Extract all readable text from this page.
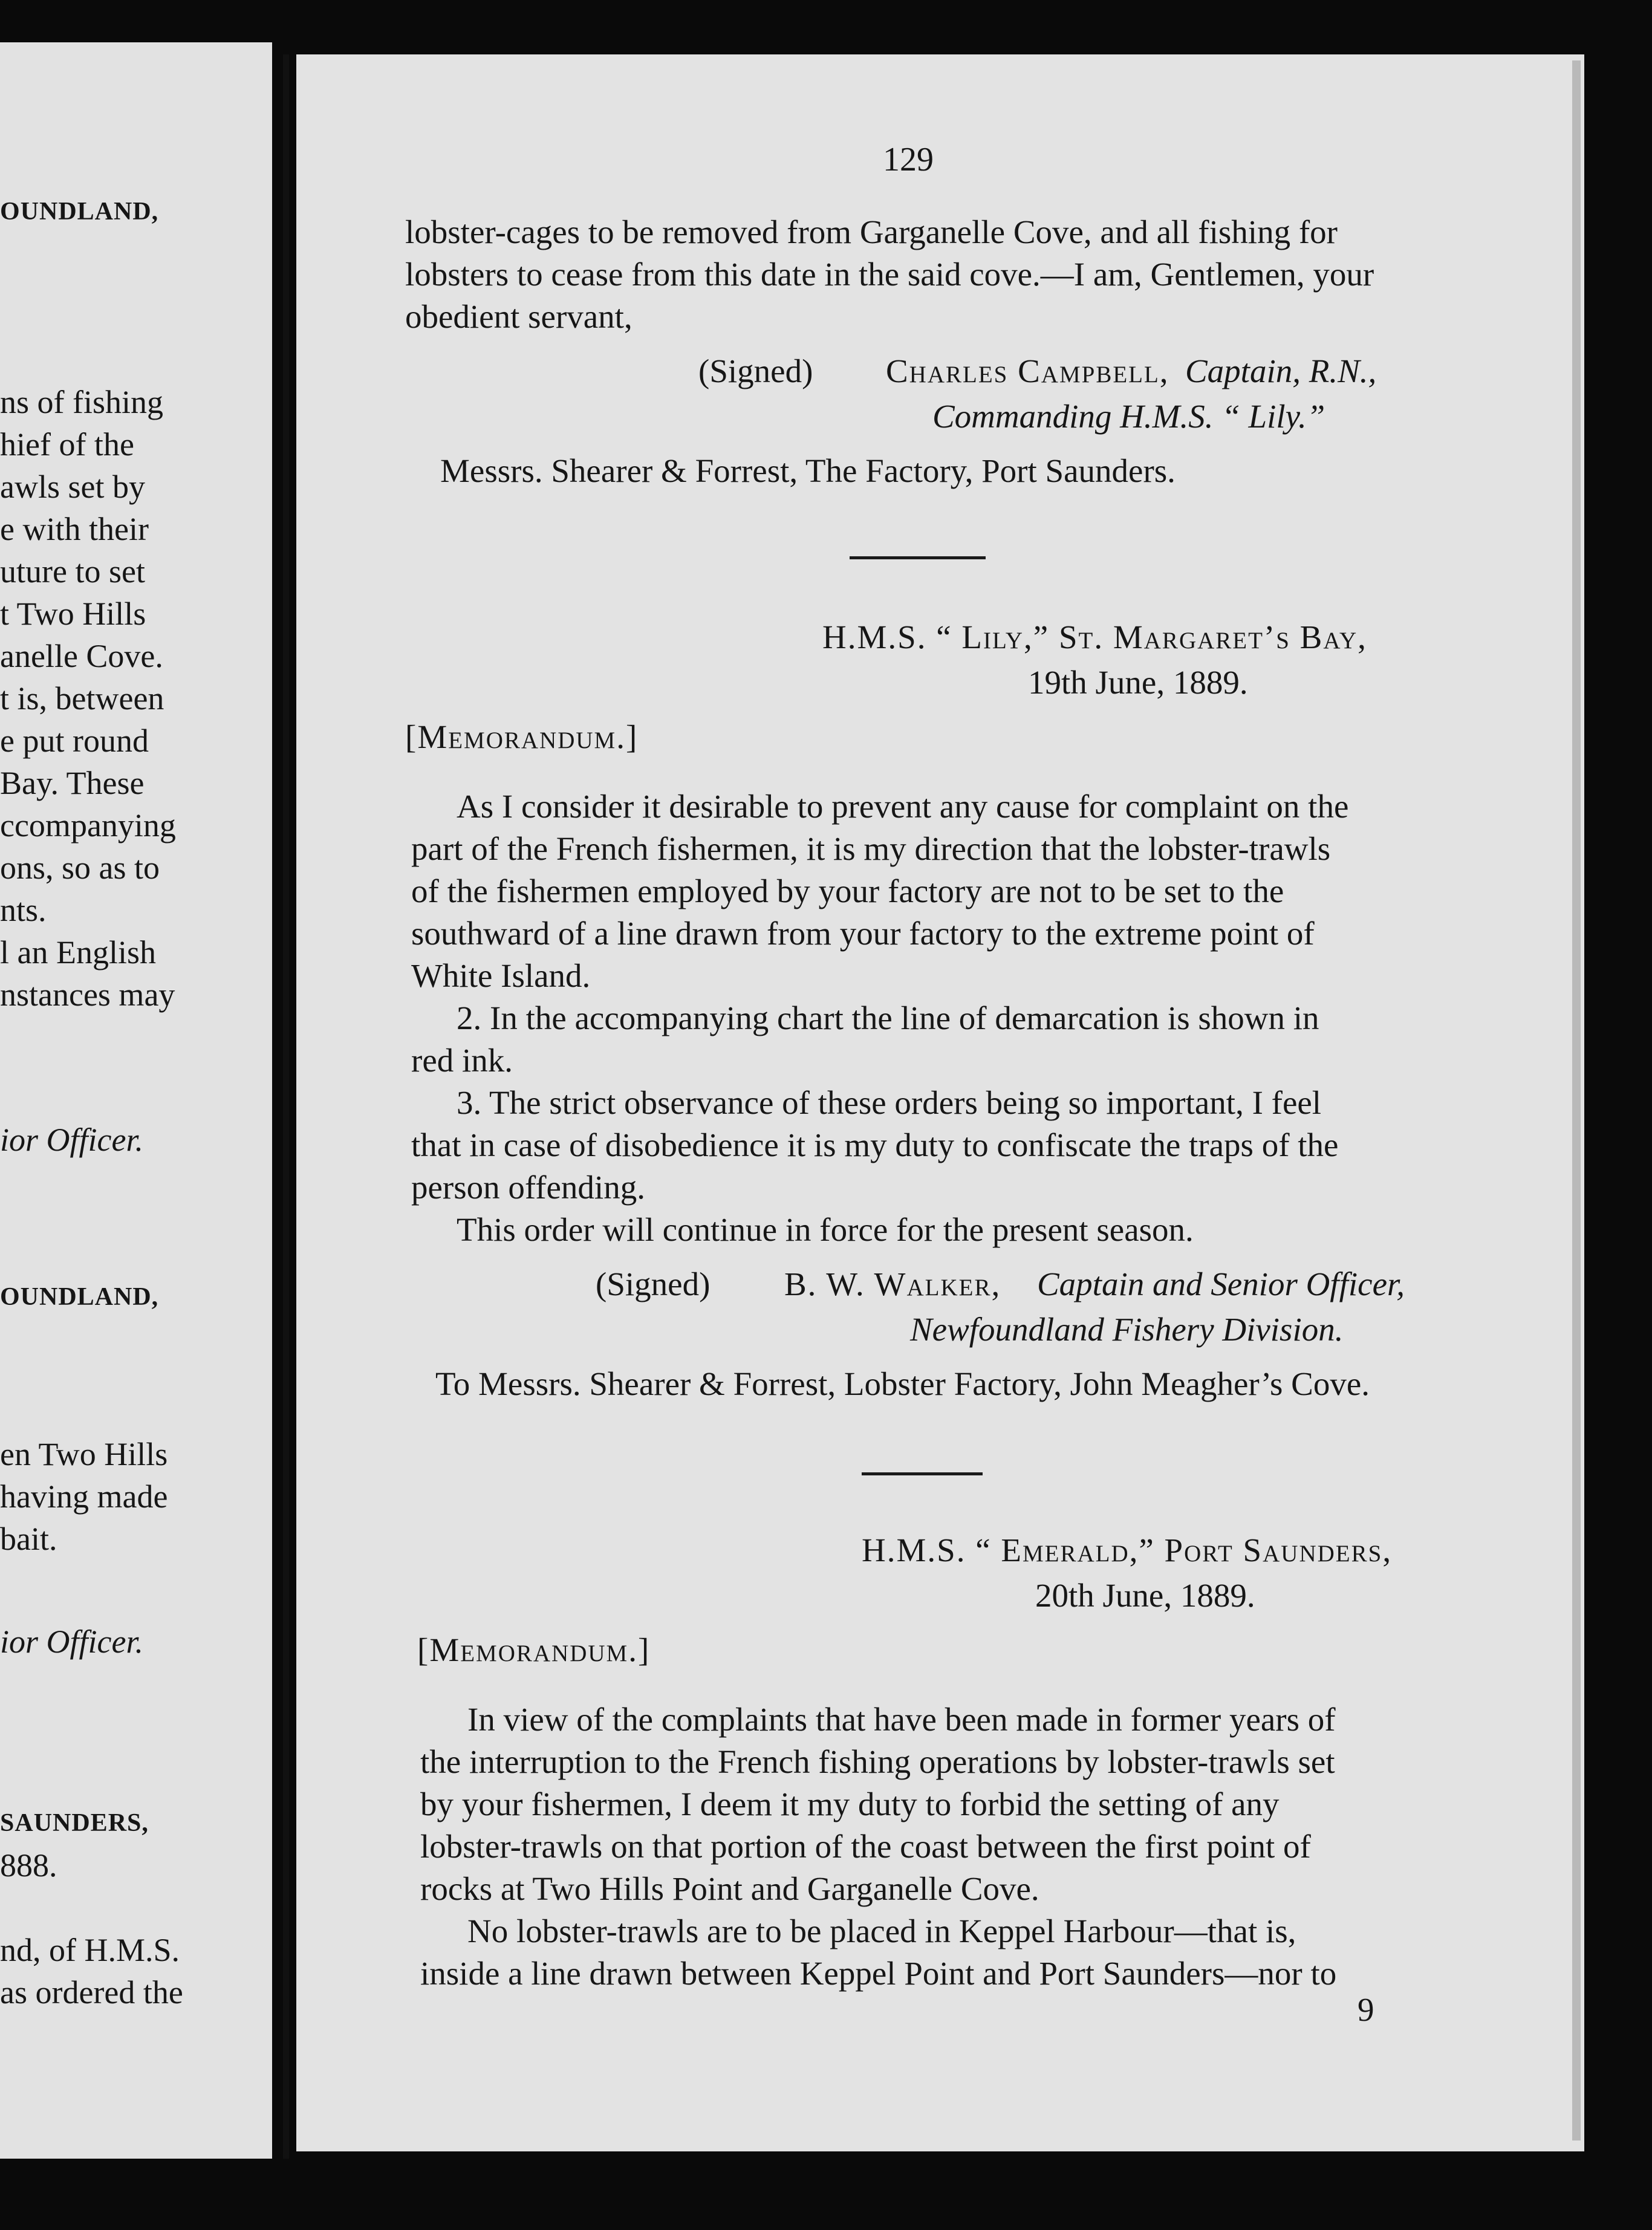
OUNDLAND,
ns of fishing
hief of the
awls set by
e with their
uture to set
t Two Hills
anelle Cove.
t is, between
e put round
Bay. These
ccompanying
ons, so as to
nts.
l an English
nstances may
ior Officer.
OUNDLAND,
en Two Hills
having made
bait.
ior Officer.
SAUNDERS,
888.
nd, of H.M.S.
as ordered the
129
lobster-cages to be removed from Garganelle Cove, and all fishing for
lobsters to cease from this date in the said cove.—I am, Gentlemen, your
obedient servant,
(Signed) Charles Campbell, Captain, R.N.,
Commanding H.M.S. “ Lily.”
Messrs. Shearer & Forrest, The Factory, Port Saunders.
H.M.S. “ Lily,” St. Margaret’s Bay,
19th June, 1889.
[Memorandum.]
As I consider it desirable to prevent any cause for complaint on the
part of the French fishermen, it is my direction that the lobster-trawls
of the fishermen employed by your factory are not to be set to the
southward of a line drawn from your factory to the extreme point of
White Island.
2. In the accompanying chart the line of demarcation is shown in
red ink.
3. The strict observance of these orders being so important, I feel
that in case of disobedience it is my duty to confiscate the traps of the
person offending.
This order will continue in force for the present season.
(Signed) B. W. Walker, Captain and Senior Officer,
Newfoundland Fishery Division.
To Messrs. Shearer & Forrest, Lobster Factory, John Meagher’s Cove.
H.M.S. “ Emerald,” Port Saunders,
20th June, 1889.
[Memorandum.]
In view of the complaints that have been made in former years of
the interruption to the French fishing operations by lobster-trawls set
by your fishermen, I deem it my duty to forbid the setting of any
lobster-trawls on that portion of the coast between the first point of
rocks at Two Hills Point and Garganelle Cove.
No lobster-trawls are to be placed in Keppel Harbour—that is,
inside a line drawn between Keppel Point and Port Saunders—nor to
9
